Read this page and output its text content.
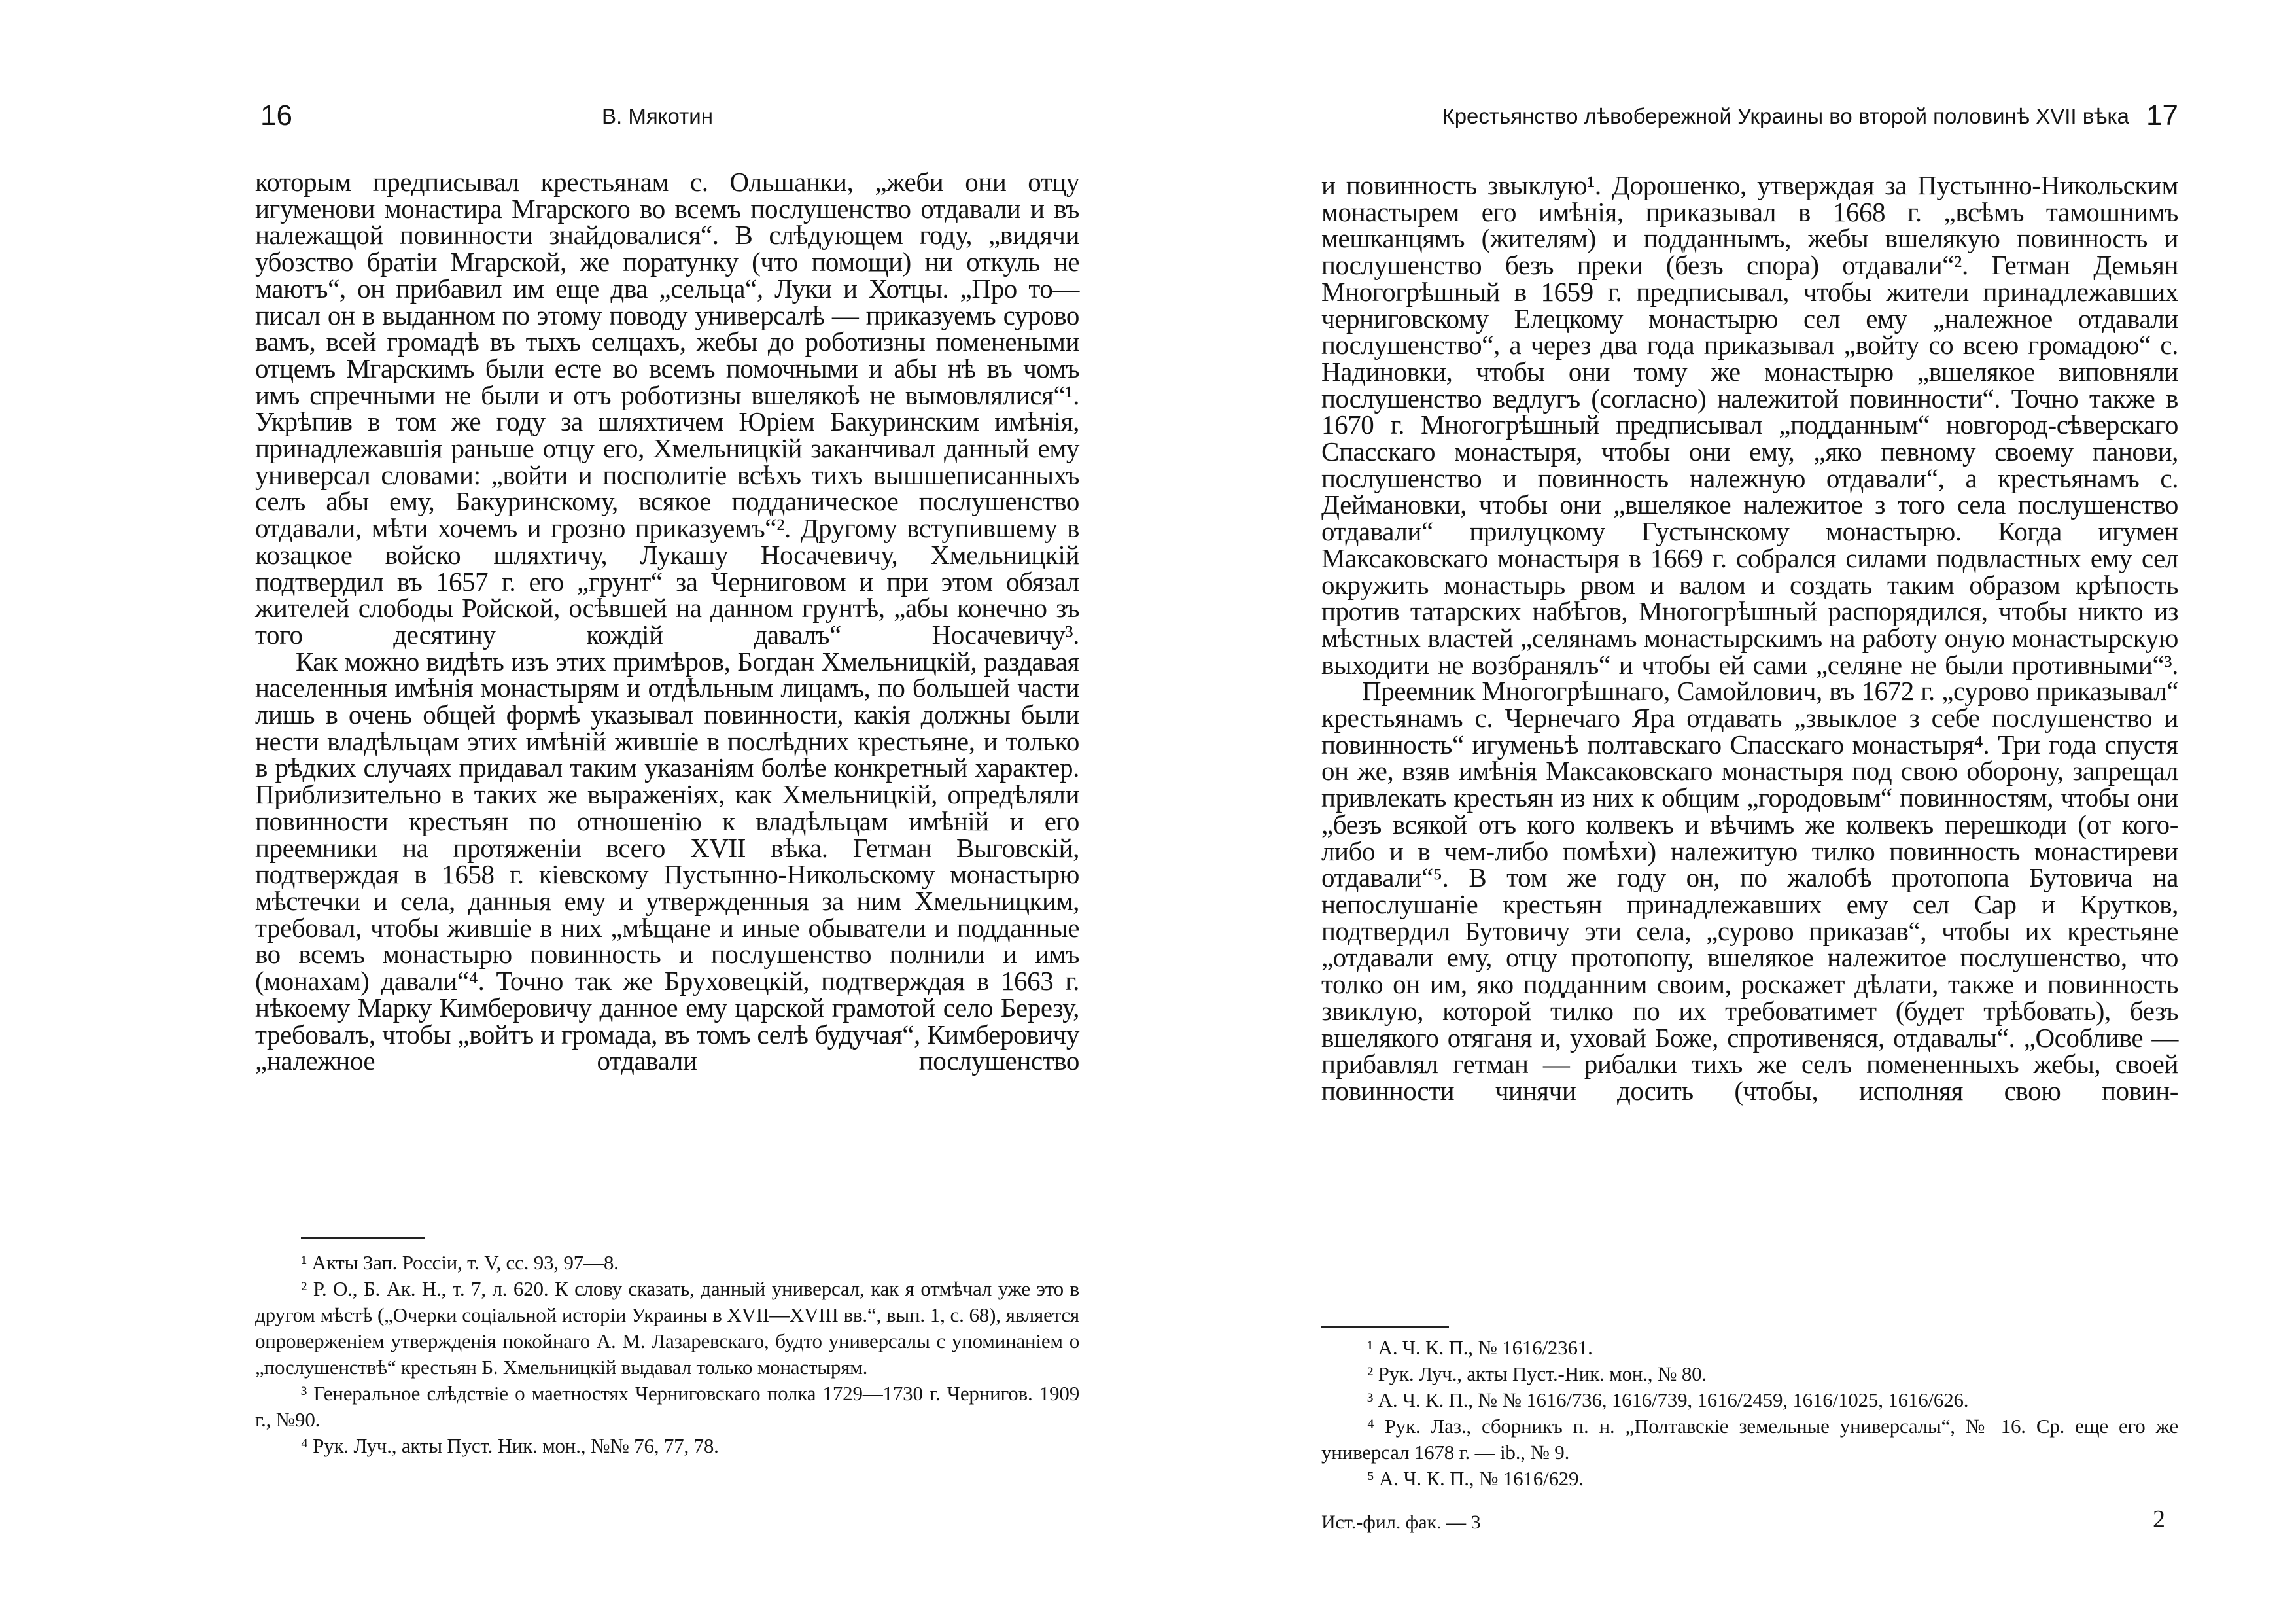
16	В. Мякотин

которым предписывал крестьянам с. Ольшанки, „жеби они отцу игуменови монастира Мгарского во всемъ послушенство отдавали и въ належащой повинности знайдовалися“. В слѣдующем году, „видячи убозство братіи Мгарской, же поратунку (что помощи) ни откуль не маютъ“, он прибавил им еще два „сельца“, Луки и Хотцы. „Про то—писал он в выданном по этому поводу универсалѣ — приказуемъ сурово вамъ, всей громадѣ въ тыхъ селцахъ, жебы до роботизны поменеными отцемъ Мгарскимъ были есте во всемъ помочными и абы нѣ въ чомъ имъ спречными не были и отъ роботизны вшелякоѣ не вымовлялися“¹. Укрѣпив в том же году за шляхтичем Юріем Бакуринским имѣнія, принадлежавшія раньше отцу его, Хмельницкій заканчивал данный ему универсал словами: „войти и посполитіе всѣхъ тихъ вышшеписанныхъ селъ абы ему, Бакуринскому, всякое подданическое послушенство отдавали, мѣти хочемъ и грозно приказуемъ“². Другому вступившему в козацкое войско шляхтичу, Лукашу Носачевичу, Хмельницкій подтвердил въ 1657 г. его „грунт“ за Черниговом и при этом обязал жителей слободы Ройской, осѣвшей на данном грунтѣ, „абы конечно зъ того десятину кождій давалъ“ Носачевичу³.

Как можно видѣть изъ этих примѣров, Богдан Хмельницкій, раздавая населенныя имѣнія монастырям и отдѣльным лицамъ, по большей части лишь в очень общей формѣ указывал повинности, какія должны были нести владѣльцам этих имѣній жившіе в послѣдних крестьяне, и только в рѣдких случаях придавал таким указаніям болѣе конкретный характер. Приблизительно в таких же выраженіях, как Хмельницкій, опредѣляли повинности крестьян по отношенію к владѣльцам имѣній и его преемники на протяженіи всего XVII вѣка. Гетман Выговскій, подтверждая в 1658 г. кіевскому Пустынно-Никольскому монастырю мѣстечки и села, данныя ему и утвержденныя за ним Хмельницким, требовал, чтобы жившіе в них „мѣщане и иные обыватели и подданные во всемъ монастырю повинность и послушенство полнили и имъ (монахам) давали“⁴. Точно так же Бруховецкій, подтверждая в 1663 г. нѣкоему Марку Кимберовичу данное ему царской грамотой село Березу, требовалъ, чтобы „войтъ и громада, въ томъ селѣ будучая“, Кимберовичу „належное отдавали послушенство

¹ Акты Зап. Россіи, т. V, сс. 93, 97—8.

² Р. О., Б. Ак. Н., т. 7, л. 620. К слову сказать, данный универсал, как я отмѣчал уже это в другом мѣстѣ („Очерки соціальной исторіи Украины в XVII—XVIII вв.“, вып. 1, с. 68), является опроверженіем утвержденія покойнаго А. М. Лазаревскаго, будто универсалы с упоминаніем о „послушенствѣ“ крестьян Б. Хмельницкій выдавал только монастырям.

³ Генеральное слѣдствіе о маетностях Черниговскаго полка 1729—1730 г. Чернигов. 1909 г., №90.

⁴ Рук. Луч., акты Пуст. Ник. мон., №№ 76, 77, 78.

Крестьянство лѣвобережной Украины во второй половинѣ XVII вѣка 17

и повинность звыклую¹. Дорошенко, утверждая за Пустынно-Никольским монастырем его имѣнія, приказывал в 1668 г. „всѣмъ тамошнимъ мешканцямъ (жителям) и подданнымъ, жебы вшелякую повинность и послушенство безъ преки (безъ спора) отдавали“². Гетман Демьян Многогрѣшный в 1659 г. предписывал, чтобы жители принадлежавших черниговскому Елецкому монастырю сел ему „належное отдавали послушенство“, а через два года приказывал „войту со всею громадою“ с. Надиновки, чтобы они тому же монастырю „вшелякое виповняли послушенство ведлугъ (согласно) належитой повинности“. Точно также в 1670 г. Многогрѣшный предписывал „подданным“ новгород-сѣверскаго Спасскаго монастыря, чтобы они ему, „яко певному своему панови, послушенство и повинность належную отдавали“, а крестьянамъ с. Деймановки, чтобы они „вшелякое належитое з того села послушенство отдавали“ прилуцкому Густынскому монастырю. Когда игумен Максаковскаго монастыря в 1669 г. собрался силами подвластных ему сел окружить монастырь рвом и валом и создать таким образом крѣпость против татарских набѣгов, Многогрѣшный распорядился, чтобы никто из мѣстных властей „селянамъ монастырскимъ на работу оную монастырскую выходити не возбранялъ“ и чтобы ей сами „селяне не были противными“³.

Преемник Многогрѣшнаго, Самойлович, въ 1672 г. „сурово приказывал“ крестьянамъ с. Чернечаго Яра отдавать „звыклое з себе послушенство и повинность“ игуменьѣ полтавскаго Спасскаго монастыря⁴. Три года спустя он же, взяв имѣнія Максаковскаго монастыря под свою оборону, запрещал привлекать крестьян из них к общим „городовым“ повинностям, чтобы они „безъ всякой отъ кого колвекъ и вѣчимъ же колвекъ перешкоди (от кого-либо и в чем-либо помѣхи) належитую тилко повинность монастиреви отдавали“⁵. В том же году он, по жалобѣ протопопа Бутовича на непослушаніе крестьян принадлежавших ему сел Сар и Крутков, подтвердил Бутовичу эти села, „сурово приказав“, чтобы их крестьяне „отдавали ему, отцу протопопу, вшелякое належитое послушенство, что толко он им, яко подданним своим, роскажет дѣлати, также и повинность звиклую, которой тилко по их требоватимет (будет трѣбовать), безъ вшелякого отяганя и, уховай Боже, спротивеняся, отдавалы“. „Особливе — прибавлял гетман — рибалки тихъ же селъ помененныхъ жебы, своей повинности чинячи досить (чтобы, исполняя свою повин-

¹ А. Ч. К. П., № 1616/2361.

² Рук. Луч., акты Пуст.-Ник. мон., № 80.

³ А. Ч. К. П., № № 1616/736, 1616/739, 1616/2459, 1616/1025, 1616/626.

⁴ Рук. Лаз., сборникъ п. н. „Полтавскіе земельные универсалы“, № 16. Ср. еще его же универсал 1678 г. — ib., № 9.

⁵ А. Ч. К. П., № 1616/629.

Ист.-фил. фак. — 3	2
